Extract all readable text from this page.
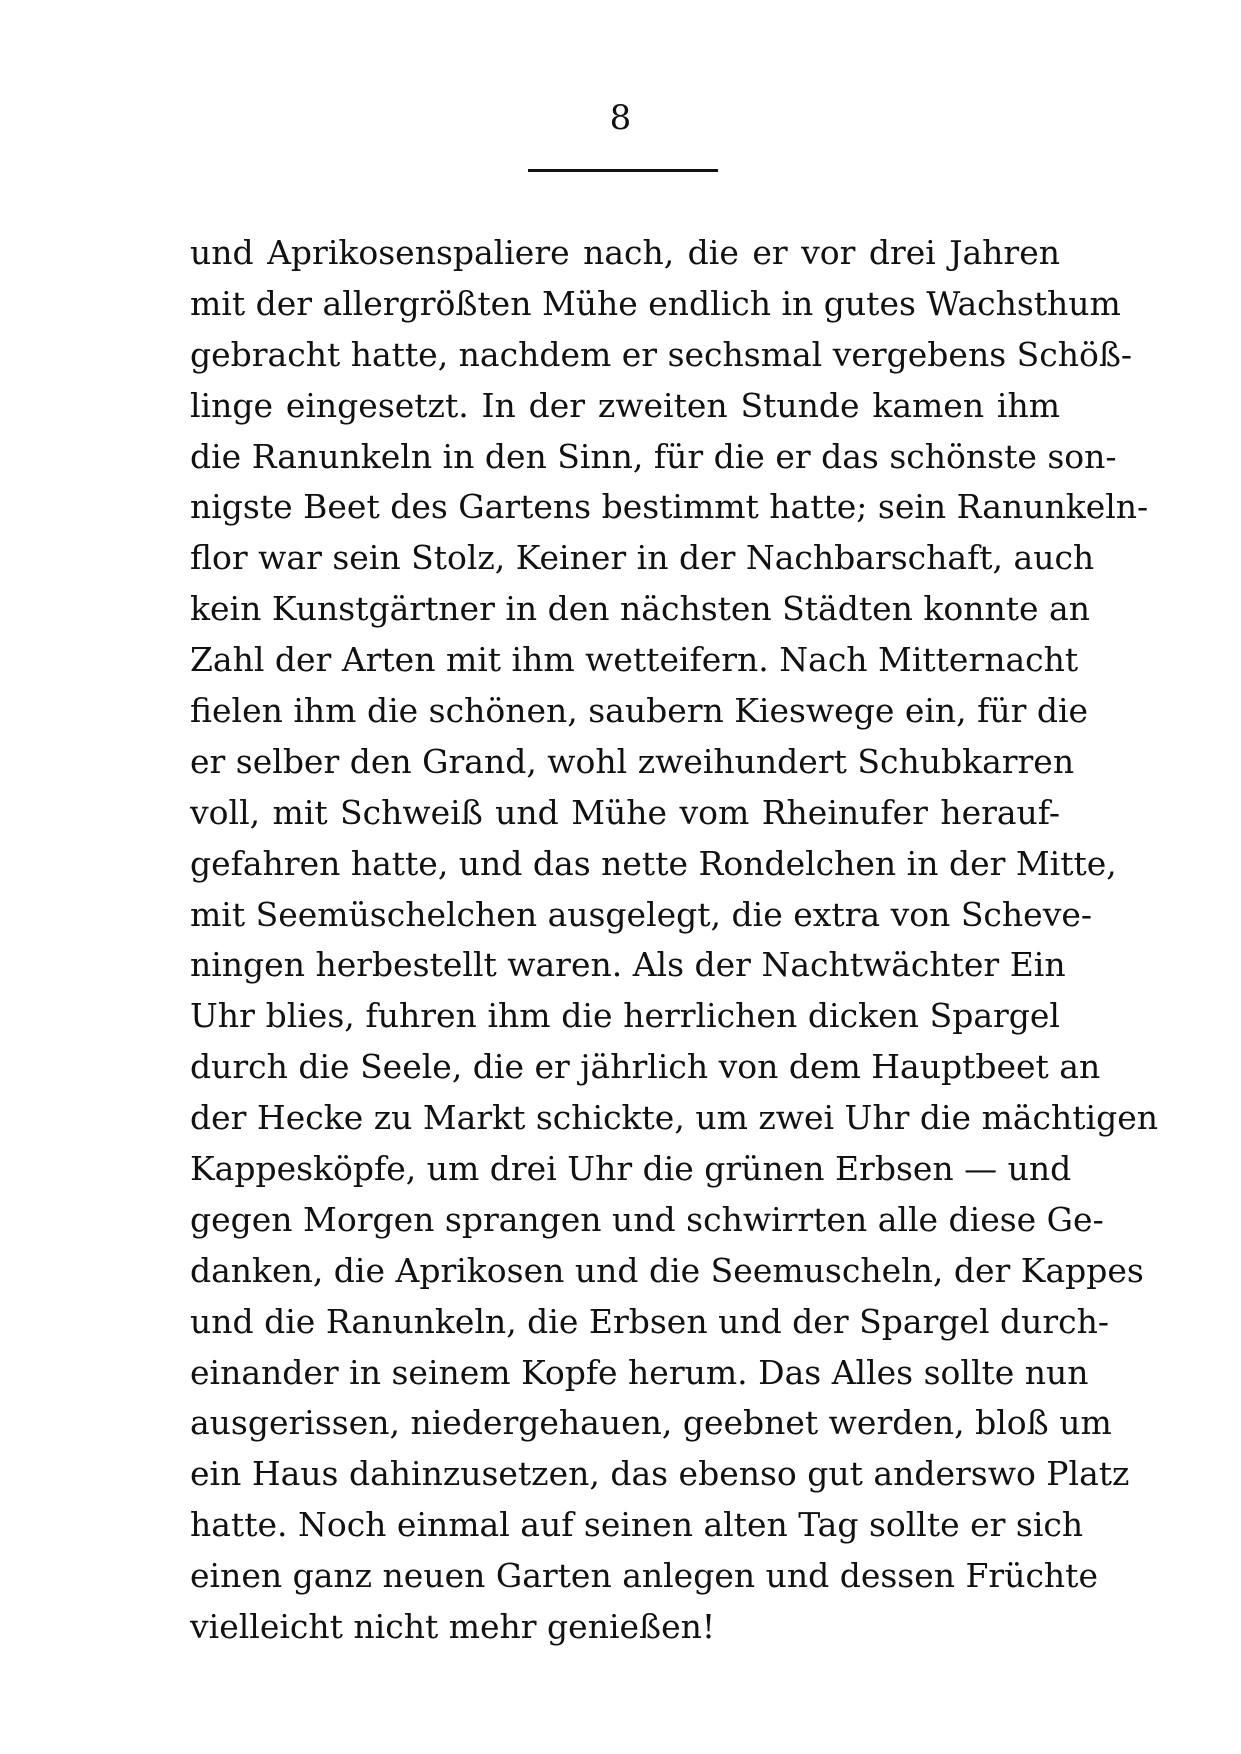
8
und Aprikosenspaliere nach, die er vor drei Jahren
mit der allergrößten Mühe endlich in gutes Wachsthum
gebracht hatte, nachdem er sechsmal vergebens Schöß-
linge eingesetzt. In der zweiten Stunde kamen ihm
die Ranunkeln in den Sinn, für die er das schönste son-
nigste Beet des Gartens bestimmt hatte; sein Ranunkeln-
flor war sein Stolz, Keiner in der Nachbarschaft, auch
kein Kunstgärtner in den nächsten Städten konnte an
Zahl der Arten mit ihm wetteifern. Nach Mitternacht
fielen ihm die schönen, saubern Kieswege ein, für die
er selber den Grand, wohl zweihundert Schubkarren
voll, mit Schweiß und Mühe vom Rheinufer herauf-
gefahren hatte, und das nette Rondelchen in der Mitte,
mit Seemüschelchen ausgelegt, die extra von Scheve-
ningen herbestellt waren. Als der Nachtwächter Ein
Uhr blies, fuhren ihm die herrlichen dicken Spargel
durch die Seele, die er jährlich von dem Hauptbeet an
der Hecke zu Markt schickte, um zwei Uhr die mächtigen
Kappesköpfe, um drei Uhr die grünen Erbsen — und
gegen Morgen sprangen und schwirrten alle diese Ge-
danken, die Aprikosen und die Seemuscheln, der Kappes
und die Ranunkeln, die Erbsen und der Spargel durch-
einander in seinem Kopfe herum. Das Alles sollte nun
ausgerissen, niedergehauen, geebnet werden, bloß um
ein Haus dahinzusetzen, das ebenso gut anderswo Platz
hatte. Noch einmal auf seinen alten Tag sollte er sich
einen ganz neuen Garten anlegen und dessen Früchte
vielleicht nicht mehr genießen!
